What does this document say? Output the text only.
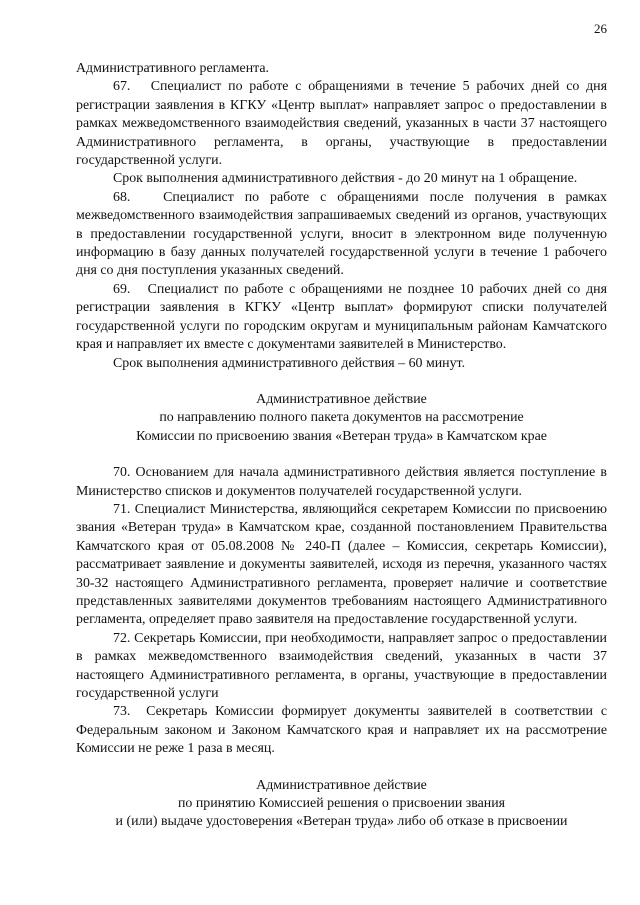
26

Административного регламента.

67.   Специалист по работе с обращениями в течение 5 рабочих дней со дня регистрации заявления в КГКУ «Центр выплат» направляет запрос о предоставлении в рамках межведомственного взаимодействия сведений, указанных в части 37 настоящего Административного регламента, в органы, участвующие в предоставлении государственной услуги.

Срок выполнения административного действия - до 20 минут на 1 обращение.

68.   Специалист по работе с обращениями после получения в рамках межведомственного взаимодействия запрашиваемых сведений из органов, участвующих в предоставлении государственной услуги, вносит в электронном виде полученную информацию в базу данных получателей государственной услуги в течение 1 рабочего дня со дня поступления указанных сведений.

69.   Специалист по работе с обращениями не позднее 10 рабочих дней со дня регистрации заявления в КГКУ «Центр выплат» формируют списки получателей государственной услуги по городским округам и муниципальным районам Камчатского края и направляет их вместе с документами заявителей в Министерство.

Срок выполнения административного действия – 60 минут.

Административное действие

по направлению полного пакета документов на рассмотрение

Комиссии по присвоению звания «Ветеран труда» в Камчатском крае

70. Основанием для начала административного действия является поступление в Министерство списков и документов получателей государственной услуги.

71. Специалист Министерства, являющийся секретарем Комиссии по присвоению звания «Ветеран труда» в Камчатском крае, созданной постановлением Правительства Камчатского края от 05.08.2008 № 240-П (далее – Комиссия, секретарь Комиссии), рассматривает заявление и документы заявителей, исходя из перечня, указанного частях 30-32 настоящего Административного регламента, проверяет наличие и соответствие представленных заявителями документов требованиям настоящего Административного регламента, определяет право заявителя на предоставление государственной услуги.

72. Секретарь Комиссии, при необходимости, направляет запрос о предоставлении в рамках межведомственного взаимодействия сведений, указанных в части 37 настоящего Административного регламента, в органы, участвующие в предоставлении государственной услуги

73.  Секретарь Комиссии формирует документы заявителей в соответствии с Федеральным законом и Законом Камчатского края и направляет их на рассмотрение Комиссии не реже 1 раза в месяц.

Административное действие

по принятию Комиссией решения о присвоении звания

и (или) выдаче удостоверения «Ветеран труда» либо об отказе в присвоении
